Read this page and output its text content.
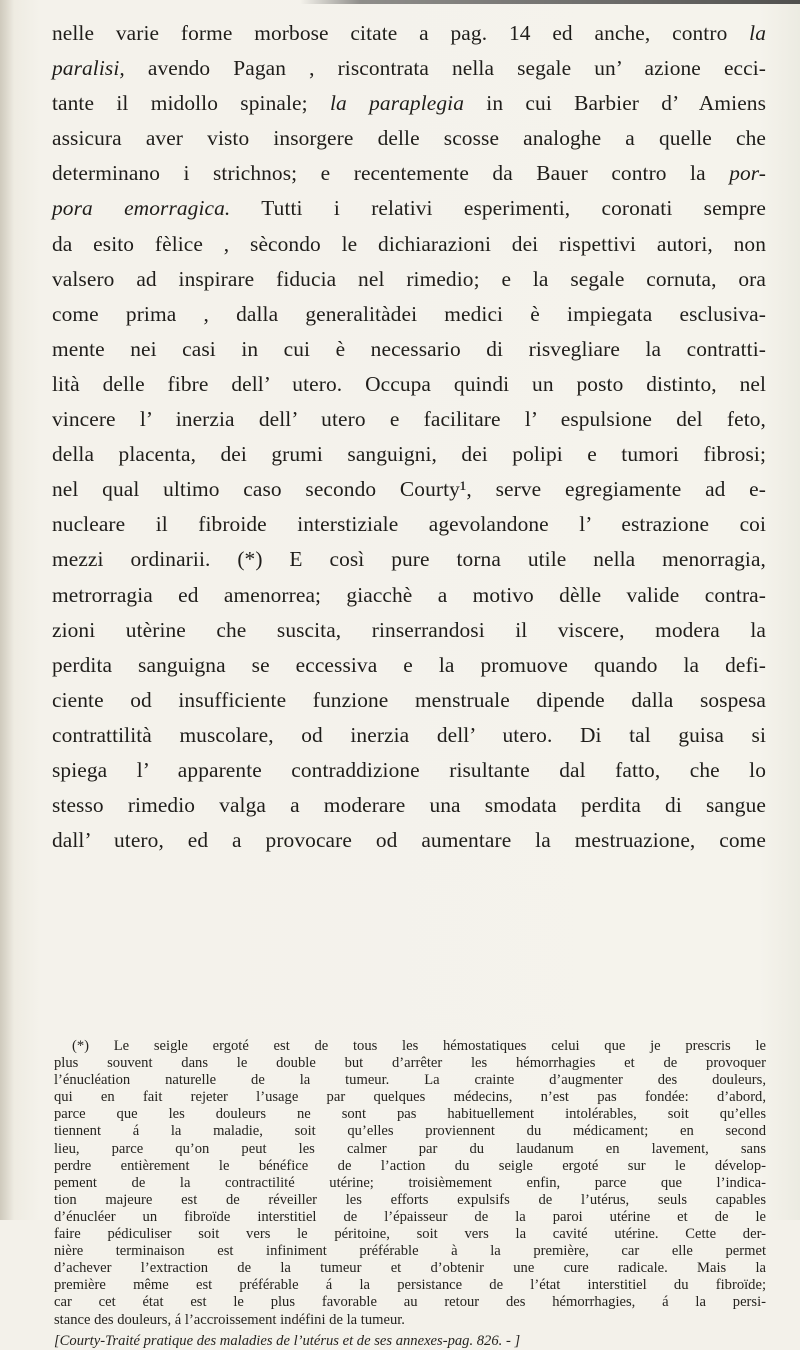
nelle varie forme morbose citate a pag. 14 ed anche, contro la
paralisi, avendo Pagan , riscontrata nella segale un’ azione ecci-
tante il midollo spinale; la paraplegia in cui Barbier d’ Amiens
assicura aver visto insorgere delle scosse analoghe a quelle che
determinano i strichnos; e recentemente da Bauer contro la por-
pora emorragica. Tutti i relativi esperimenti, coronati sempre
da esito fèlice , sècondo le dichiarazioni dei rispettivi autori, non
valsero ad inspirare fiducia nel rimedio; e la segale cornuta, ora
come prima , dalla generalitàdei medici è impiegata esclusiva-
mente nei casi in cui è necessario di risvegliare la contratti-
lità delle fibre dell’ utero. Occupa quindi un posto distinto, nel
vincere l’ inerzia dell’ utero e facilitare l’ espulsione del feto,
della placenta, dei grumi sanguigni, dei polipi e tumori fibrosi;
nel qual ultimo caso secondo Courty¹, serve egregiamente ad e-
nucleare il fibroide interstiziale agevolandone l’ estrazione coi
mezzi ordinarii. (*) E così pure torna utile nella menorragia,
metrorragia ed amenorrea; giacchè a motivo dèlle valide contra-
zioni utèrine che suscita, rinserrandosi il viscere, modera la
perdita sanguigna se eccessiva e la promuove quando la defi-
ciente od insufficiente funzione menstruale dipende dalla sospesa
contrattilità muscolare, od inerzia dell’ utero. Di tal guisa si
spiega l’ apparente contraddizione risultante dal fatto, che lo
stesso rimedio valga a moderare una smodata perdita di sangue
dall’ utero, ed a provocare od aumentare la mestruazione, come
(*) Le seigle ergoté est de tous les hémostatiques celui que je prescris le
plus souvent dans le double but d’arrêter les hémorrhagies et de provoquer
l’énucléation naturelle de la tumeur. La crainte d’augmenter des douleurs,
qui en fait rejeter l’usage par quelques médecins, n’est pas fondée: d’abord,
parce que les douleurs ne sont pas habituellement intolérables, soit qu’elles
tiennent á la maladie, soit qu’elles proviennent du médicament; en second
lieu, parce qu’on peut les calmer par du laudanum en lavement, sans
perdre entièrement le bénéfice de l’action du seigle ergoté sur le dévelop-
pement de la contractilité utérine; troisièmement enfin, parce que l’indica-
tion majeure est de réveiller les efforts expulsifs de l’utérus, seuls capables
d’énucléer un fibroïde interstitiel de l’épaisseur de la paroi utérine et de le
faire pédiculiser soit vers le péritoine, soit vers la cavité utérine. Cette der-
nière terminaison est infiniment préférable à la première, car elle permet
d’achever l’extraction de la tumeur et d’obtenir une cure radicale. Mais la
première même est préférable á la persistance de l’état interstitiel du fibroïde;
car cet état est le plus favorable au retour des hémorrhagies, á la persi-
stance des douleurs, á l’accroissement indéfini de la tumeur.
[Courty-Traité pratique des maladies de l’utérus et de ses annexes-pag. 826. - ]
